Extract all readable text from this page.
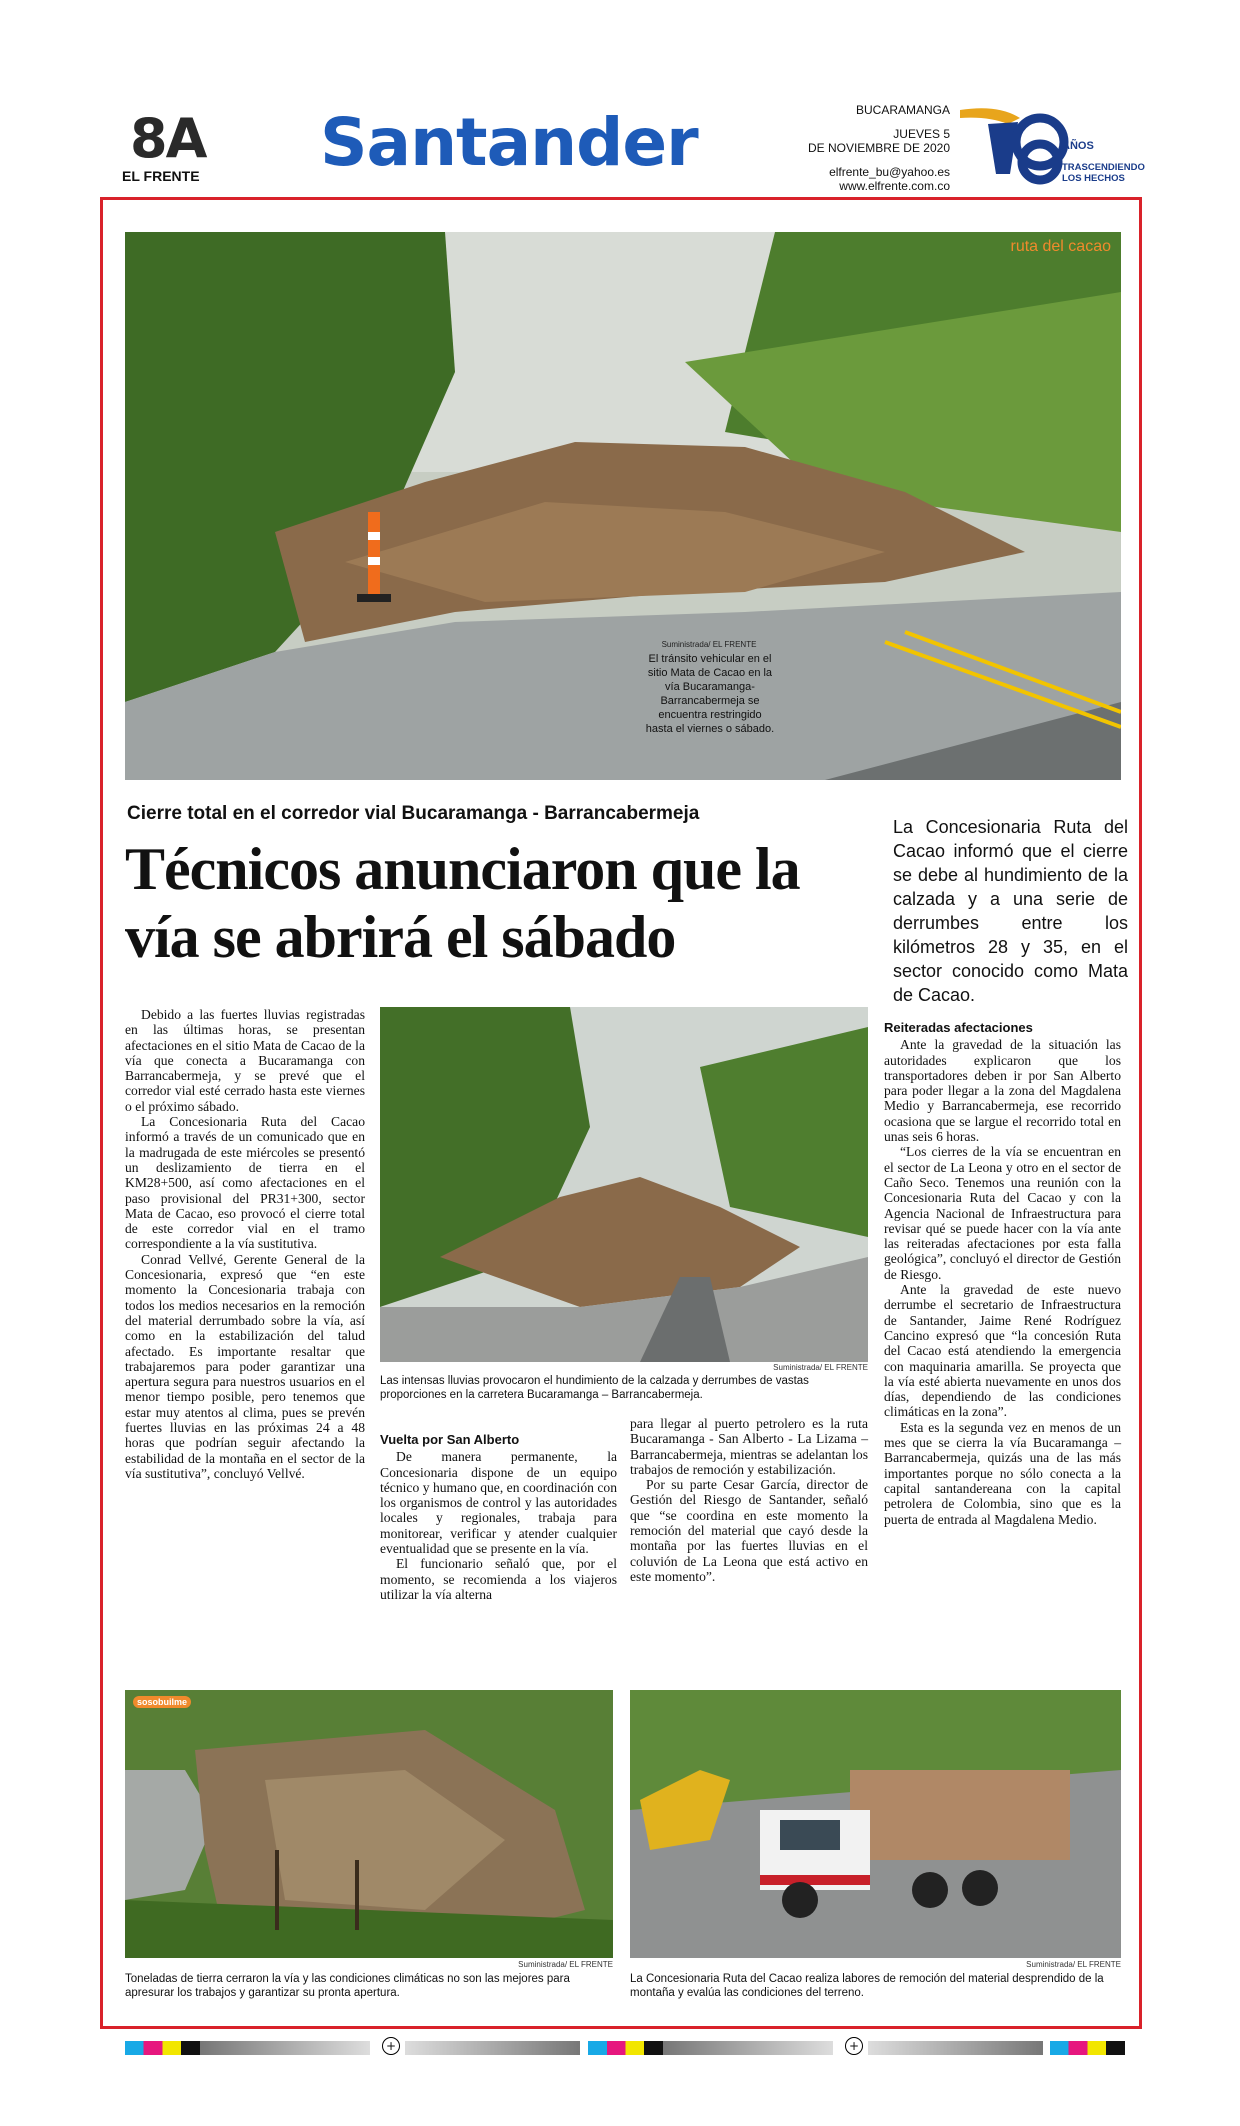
8A
EL FRENTE Santander	BUCARAMANGA
JUEVES 5
DE NOVIEMBRE DE 2020
elfrente_bu@yahoo.es
www.elfrente.com.co
AÑOS
TRASCENDIENDO
LOS HECHOS
ruta del cacao
Suministrada/ EL FRENTE
El tránsito vehicular en el sitio Mata de Cacao en la vía Bucaramanga-Barrancabermeja se encuentra restringido hasta el viernes o sábado.
Cierre total en el corredor vial Bucaramanga - Barrancabermeja
Técnicos anunciaron que la vía se abrirá el sábado
La Concesionaria Ruta del Cacao informó que el cierre se debe al hundimiento de la calzada y a una serie de derrumbes entre los kilómetros 28 y 35, en el sector conocido como Mata de Cacao.

Debido a las fuertes lluvias registradas en las últimas horas, se presentan afectaciones en el sitio Mata de Cacao de la vía que conecta a Bucaramanga con Barrancabermeja, y se prevé que el corredor vial esté cerrado hasta este viernes o el próximo sábado.

La Concesionaria Ruta del Cacao informó a través de un comunicado que en la madrugada de este miércoles se presentó un deslizamiento de tierra en el KM28+500, así como afectaciones en el paso provisional del PR31+300, sector Mata de Cacao, eso provocó el cierre total de este corredor vial en el tramo correspondiente a la vía sustitutiva.

Conrad Vellvé, Gerente General de la Concesionaria, expresó que “en este momento la Concesionaria trabaja con todos los medios necesarios en la remoción del material derrumbado sobre la vía, así como en la estabilización del talud afectado. Es importante resaltar que trabajaremos para poder garantizar una apertura segura para nuestros usuarios en el menor tiempo posible, pero tenemos que estar muy atentos al clima, pues se prevén fuertes lluvias en las próximas 24 a 48 horas que podrían seguir afectando la estabilidad de la montaña en el sector de la vía sustitutiva”, concluyó Vellvé.

Suministrada/ EL FRENTE
Las intensas lluvias provocaron el hundimiento de la calzada y derrumbes de vastas proporciones en la carretera Bucaramanga – Barrancabermeja.
Vuelta por San Alberto

De manera permanente, la Concesionaria dispone de un equipo técnico y humano que, en coordinación con los organismos de control y las autoridades locales y regionales, trabaja para monitorear, verificar y atender cualquier eventualidad que se presente en la vía.

El funcionario señaló que, por el momento, se recomienda a los viajeros utilizar la vía alterna

para llegar al puerto petrolero es la ruta Bucaramanga - San Alberto - La Lizama – Barrancabermeja, mientras se adelantan los trabajos de remoción y estabilización.

Por su parte Cesar García, director de Gestión del Riesgo de Santander, señaló que “se coordina en este momento la remoción del material que cayó desde la montaña por las fuertes lluvias en el coluvión de La Leona que está activo en este momento”.

Reiteradas afectaciones

Ante la gravedad de la situación las autoridades explicaron que los transportadores deben ir por San Alberto para poder llegar a la zona del Magdalena Medio y Barrancabermeja, ese recorrido ocasiona que se largue el recorrido total en unas seis 6 horas.

“Los cierres de la vía se encuentran en el sector de La Leona y otro en el sector de Caño Seco. Tenemos una reunión con la Concesionaria Ruta del Cacao y con la Agencia Nacional de Infraestructura para revisar qué se puede hacer con la vía ante las reiteradas afectaciones por esta falla geológica”, concluyó el director de Gestión de Riesgo.

Ante la gravedad de este nuevo derrumbe el secretario de Infraestructura de Santander, Jaime René Rodríguez Cancino expresó que “la concesión Ruta del Cacao está atendiendo la emergencia con maquinaria amarilla. Se proyecta que la vía esté abierta nuevamente en unos dos días, dependiendo de las condiciones climáticas en la zona”.

Esta es la segunda vez en menos de un mes que se cierra la vía Bucaramanga – Barrancabermeja, quizás una de las más importantes porque no sólo conecta a la capital santandereana con la capital petrolera de Colombia, sino que es la puerta de entrada al Magdalena Medio.

sosobuilme
Suministrada/ EL FRENTE
Toneladas de tierra cerraron la vía y las condiciones climáticas no son las mejores para apresurar los trabajos y garantizar su pronta apertura.
Suministrada/ EL FRENTE
La Concesionaria Ruta del Cacao realiza labores de remoción del material desprendido de la montaña y evalúa las condiciones del terreno.
+	+
